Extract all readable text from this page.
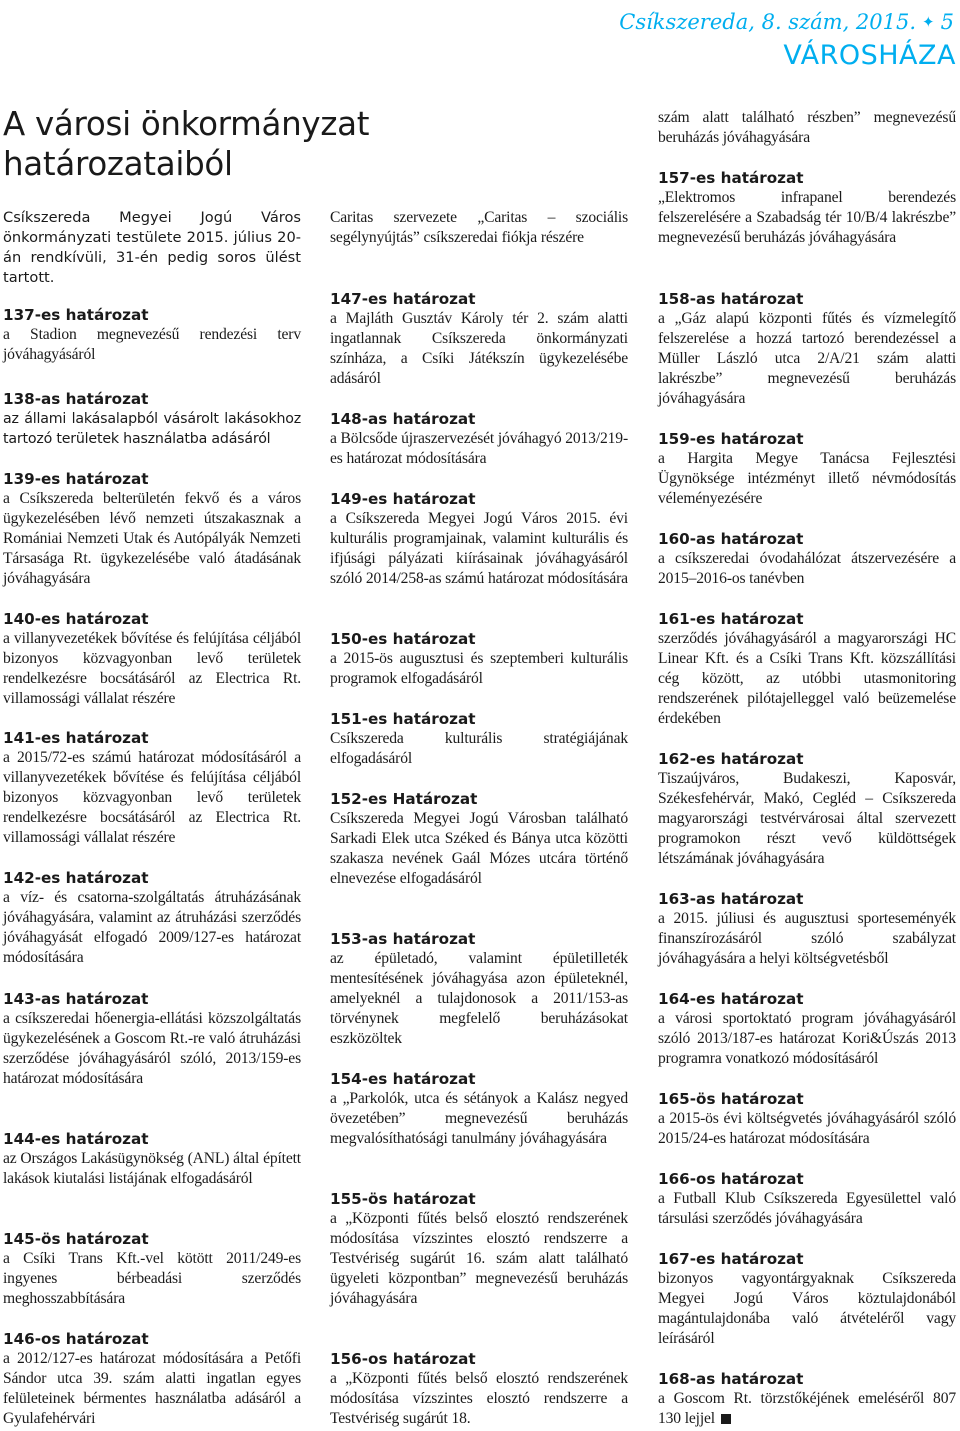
Csíkszereda, 8. szám, 2015. ✦ 5
VÁROSHÁZA
A városi önkormányzat határozataiból

Csíkszereda Megyei Jogú Város önkormányzati testülete 2015. július 20-án rendkívüli, 31-én pedig soros ülést tartott.

137-es határozat
a Stadion megnevezésű rendezési terv jóváhagyásáról
138-as határozat
az állami lakásalapból vásárolt lakásokhoz tartozó területek használatba adásáról
139-es határozat
a Csíkszereda belterületén fekvő és a város ügykezelésében lévő nemzeti útszakasznak a Romániai Nemzeti Utak és Autópályák Nemzeti Társasága Rt. ügykezelésébe való átadásának jóváhagyására
140-es határozat
a villanyvezetékek bővítése és felújítása céljából bizonyos közvagyonban levő területek rendelkezésre bocsátásáról az Electrica Rt. villamossági vállalat részére
141-es határozat
a 2015/72-es számú határozat módosításáról a villanyvezetékek bővítése és felújítása céljából bizonyos közvagyonban levő területek rendelkezésre bocsátásáról az Electrica Rt. villamossági vállalat részére
142-es határozat
a víz- és csatorna-szolgáltatás átruházásának jóváhagyására, valamint az átruházási szerződés jóváhagyását elfogadó 2009/127-es határozat módosítására
143-as határozat
a csíkszeredai hőenergia-ellátási közszolgáltatás ügykezelésének a Goscom Rt.-re való átruházási szerződése jóváhagyásáról szóló, 2013/159-es határozat módosítására
144-es határozat
az Országos Lakásügynökség (ANL) által épített lakások kiutalási listájának elfogadásáról
145-ös határozat
a Csíki Trans Kft.-vel kötött 2011/249-es ingyenes bérbeadási szerződés meghosszabbítására
146-os határozat
a 2012/127-es határozat módosítására a Petőfi Sándor utca 39. szám alatti ingatlan egyes felületeinek bérmentes használatba adásáról a Gyulafehérvári
Caritas szervezete „Caritas – szociális segélynyújtás” csíkszeredai fiókja részére
147-es határozat
a Majláth Gusztáv Károly tér 2. szám alatti ingatlannak Csíkszereda önkormányzati színháza, a Csíki Játékszín ügykezelésébe adásáról
148-as határozat
a Bölcsőde újraszervezését jóváhagyó 2013/219-es határozat módosítására
149-es határozat
a Csíkszereda Megyei Jogú Város 2015. évi kulturális programjainak, valamint kulturális és ifjúsági pályázati kiírásainak jóváhagyásáról szóló 2014/258-as számú határozat módosítására
150-es határozat
a 2015-ös augusztusi és szeptemberi kulturális programok elfogadásáról
151-es határozat
Csíkszereda kulturális stratégiájának elfogadásáról
152-es Határozat
Csíkszereda Megyei Jogú Városban található Sarkadi Elek utca Széked és Bánya utca közötti szakasza nevének Gaál Mózes utcára történő elnevezése elfogadásáról
153-as határozat
az épületadó, valamint épületilleték mentesítésének jóváhagyása azon épületeknél, amelyeknél a tulajdonosok a 2011/153-as törvénynek megfelelő beruházásokat eszközöltek
154-es határozat
a „Parkolók, utca és sétányok a Kalász negyed övezetében” megnevezésű beruházás megvalósíthatósági tanulmány jóváhagyására
155-ös határozat
a „Központi fűtés belső elosztó rendszerének módosítása vízszintes elosztó rendszerre a Testvériség sugárút 16. szám alatt található ügyeleti központban” megnevezésű beruházás jóváhagyására
156-os határozat
a „Központi fűtés belső elosztó rendszerének módosítása vízszintes elosztó rendszerre a Testvériség sugárút 18.
szám alatt található részben” megnevezésű beruházás jóváhagyására
157-es határozat
„Elektromos infrapanel berendezés felszerelésére a Szabadság tér 10/B/4 lakrészbe” megnevezésű beruházás jóváhagyására
158-as határozat
a „Gáz alapú központi fűtés és vízmelegítő felszerelése a hozzá tartozó berendezéssel a Müller László utca 2/A/21 szám alatti lakrészbe” megnevezésű beruházás jóváhagyására
159-es határozat
a Hargita Megye Tanácsa Fejlesztési Ügynöksége intézményt illető névmódosítás véleményezésére
160-as határozat
a csíkszeredai óvodahálózat átszervezésére a 2015–2016-os tanévben
161-es határozat
szerződés jóváhagyásáról a magyarországi HC Linear Kft. és a Csíki Trans Kft. közszállítási cég között, az utóbbi utasmonitoring rendszerének pilótajelleggel való beüzemelése érdekében
162-es határozat
Tiszaújváros, Budakeszi, Kaposvár, Székesfehérvár, Makó, Cegléd – Csíkszereda magyarországi testvérvárosai által szervezett programokon részt vevő küldöttségek létszámának jóváhagyására
163-as határozat
a 2015. júliusi és augusztusi sporteseményék finanszírozásáról szóló szabályzat jóváhagyására a helyi költségvetésből
164-es határozat
a városi sportoktató program jóváhagyásáról szóló 2013/187-es határozat Kori&Úszás 2013 programra vonatkozó módosításáról
165-ös határozat
a 2015-ös évi költségvetés jóváhagyásáról szóló 2015/24-es határozat módosítására
166-os határozat
a Futball Klub Csíkszereda Egyesülettel való társulási szerződés jóváhagyására
167-es határozat
bizonyos vagyontárgyaknak Csíkszereda Megyei Jogú Város köztulajdonából magántulajdonába való átvételéről vagy leírásáról
168-as határozat
a Goscom Rt. törzstőkéjének emeléséről 807 130 lejjel
